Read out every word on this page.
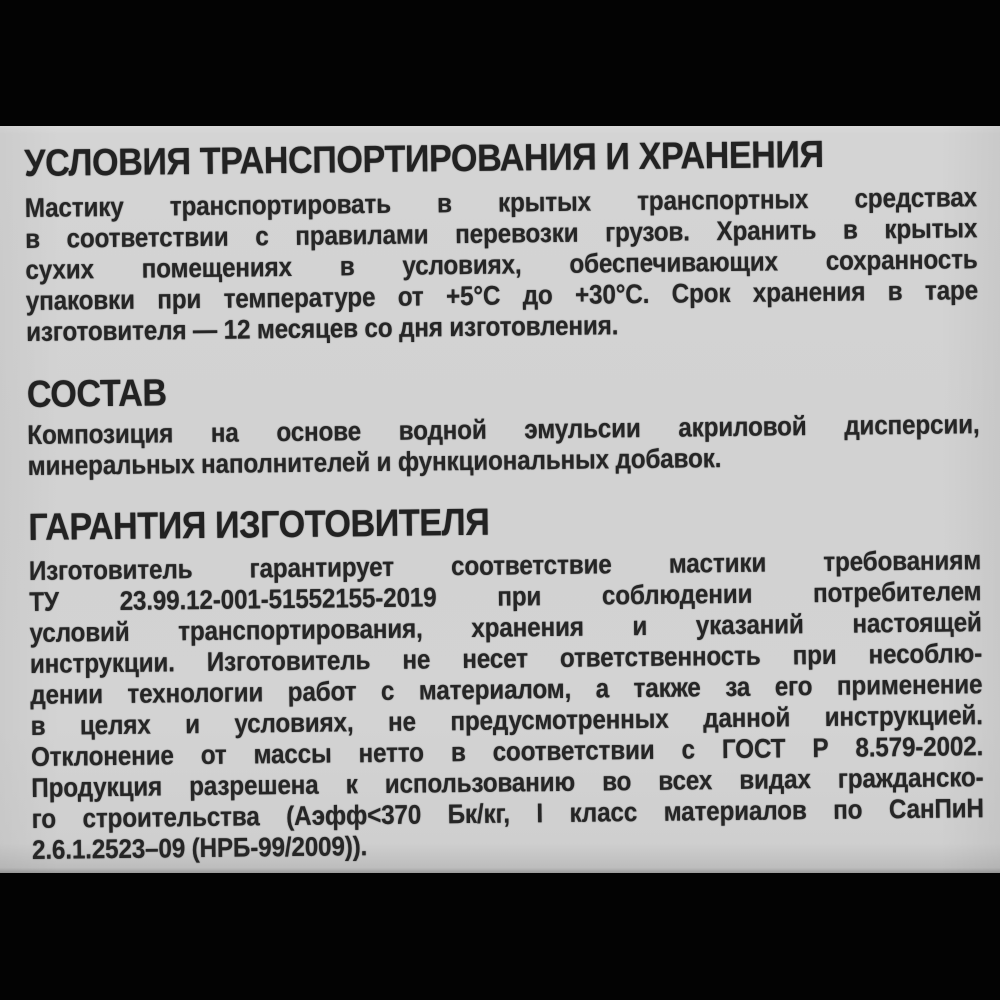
УСЛОВИЯ ТРАНСПОРТИРОВАНИЯ И ХРАНЕНИЯ
Мастику транспортировать в крытых транспортных средствах
в соответствии с правилами перевозки грузов. Хранить в крытых
сухих помещениях в условиях, обеспечивающих сохранность
упаковки при температуре от +5°С до +30°С. Срок хранения в таре
изготовителя — 12 месяцев со дня изготовления.
СОСТАВ
Композиция на основе водной эмульсии акриловой дисперсии,
минеральных наполнителей и функциональных добавок.
ГАРАНТИЯ ИЗГОТОВИТЕЛЯ
Изготовитель гарантирует соответствие мастики требованиям
ТУ 23.99.12-001-51552155-2019 при соблюдении потребителем
условий транспортирования, хранения и указаний настоящей
инструкции. Изготовитель не несет ответственность при несоблю-
дении технологии работ с материалом, а также за его применение
в целях и условиях, не предусмотренных данной инструкцией.
Отклонение от массы нетто в соответствии с ГОСТ Р 8.579-2002.
Продукция разрешена к использованию во всех видах гражданско-
го строительства (Аэфф<370 Бк/кг, I класс материалов по СанПиН
2.6.1.2523–09 (НРБ-99/2009)).
